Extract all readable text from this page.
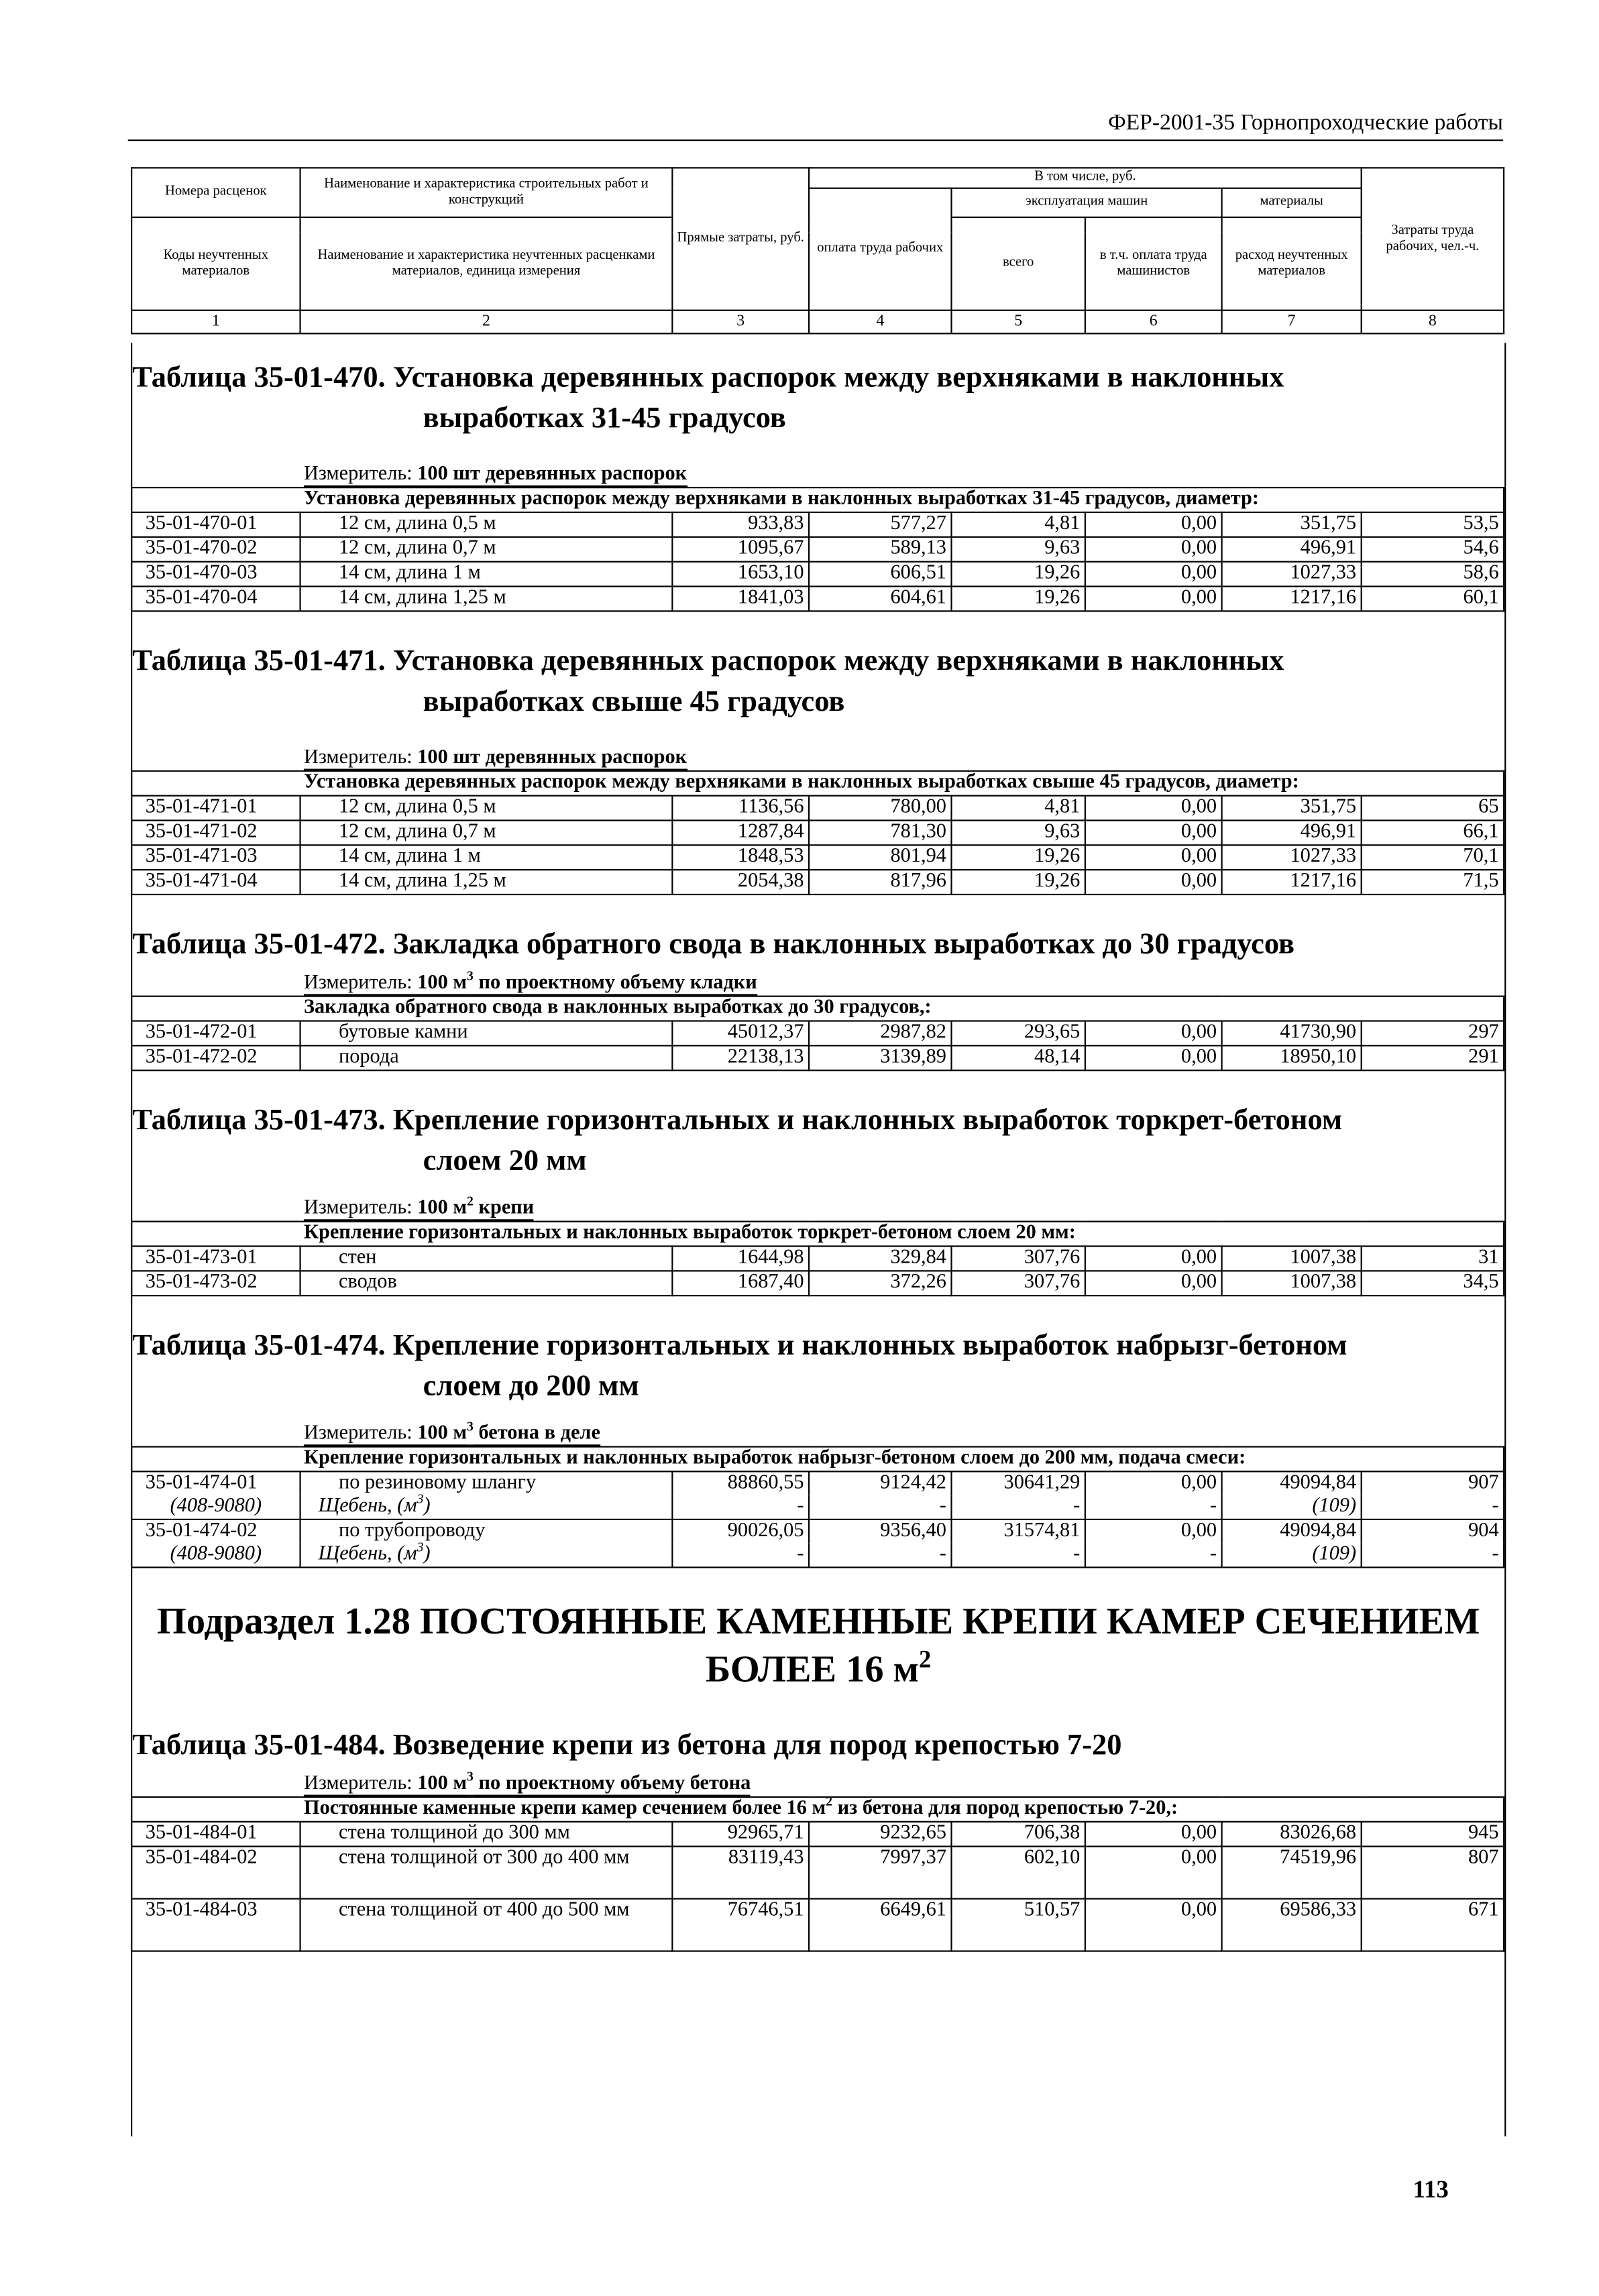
ФЕР-2001-35 Горнопроходческие работы
Номера расценок	Наименование и характеристика строительных работ и конструкций	Прямые затраты, руб.	В том числе, руб.				Затраты труда рабочих, чел.-ч.
			оплата труда рабочих	эксплуатация машин		материалы	
Коды неучтенных материалов	Наименование и характеристика неучтенных расценками материалов, единица измерения			всего	в т.ч. оплата труда машинистов	расход неучтенных материалов	

1	2	3	4	5	6	7	8
Таблица 35-01-470. Установка деревянных распорок между верхняками в наклонных
выработках 31-45 градусов
Измеритель: 100 шт деревянных распорок
Установка деревянных распорок между верхняками в наклонных выработках 31-45 градусов, диаметр:							
35-01-470-01	12 см, длина 0,5 м	933,83	577,27	4,81	0,00	351,75	53,5
35-01-470-02	12 см, длина 0,7 м	1095,67	589,13	9,63	0,00	496,91	54,6
35-01-470-03	14 см, длина 1 м	1653,10	606,51	19,26	0,00	1027,33	58,6
35-01-470-04	14 см, длина 1,25 м	1841,03	604,61	19,26	0,00	1217,16	60,1
Таблица 35-01-471. Установка деревянных распорок между верхняками в наклонных
выработках свыше 45 градусов
Измеритель: 100 шт деревянных распорок
Установка деревянных распорок между верхняками в наклонных выработках свыше 45 градусов, диаметр:							
35-01-471-01	12 см, длина 0,5 м	1136,56	780,00	4,81	0,00	351,75	65
35-01-471-02	12 см, длина 0,7 м	1287,84	781,30	9,63	0,00	496,91	66,1
35-01-471-03	14 см, длина 1 м	1848,53	801,94	19,26	0,00	1027,33	70,1
35-01-471-04	14 см, длина 1,25 м	2054,38	817,96	19,26	0,00	1217,16	71,5
Таблица 35-01-472. Закладка обратного свода в наклонных выработках до 30 градусов
Измеритель: 100 $м^3$ по проектному объему кладки
Закладка обратного свода в наклонных выработках до 30 градусов,:							
35-01-472-01	бутовые камни	45012,37	2987,82	293,65	0,00	41730,90	297
35-01-472-02	порода	22138,13	3139,89	48,14	0,00	18950,10	291
Таблица 35-01-473. Крепление горизонтальных и наклонных выработок торкрет-бетоном
слоем 20 мм
Измеритель: 100 $м^2$ крепи
Крепление горизонтальных и наклонных выработок торкрет-бетоном слоем 20 мм:							
35-01-473-01	стен	1644,98	329,84	307,76	0,00	1007,38	31
35-01-473-02	сводов	1687,40	372,26	307,76	0,00	1007,38	34,5
Таблица 35-01-474. Крепление горизонтальных и наклонных выработок набрызг-бетоном
слоем до 200 мм
Измеритель: 100 $м^3$ бетона в деле
Крепление горизонтальных и наклонных выработок набрызг-бетоном слоем до 200 мм, подача смеси:							
35-01-474-01	по резиновому шлангу	88860,55	9124,42	30641,29	0,00	49094,84	907
(408-9080)	Щебень, $(м^3)$	-	-	-	-	(109)	-
35-01-474-02	по трубопроводу	90026,05	9356,40	31574,81	0,00	49094,84	904
(408-9080)	Щебень, $(м^3)$	-	-	-	-	(109)	-
Подраздел 1.28 ПОСТОЯННЫЕ КАМЕННЫЕ КРЕПИ КАМЕР СЕЧЕНИЕМ
БОЛЕЕ 16 $м^2$
Таблица 35-01-484. Возведение крепи из бетона для пород крепостью 7-20
Измеритель: 100 $м^3$ по проектному объему бетона
Постоянные каменные крепи камер сечением более 16 $м^2$ из бетона для пород крепостью 7-20,:							
35-01-484-01	стена толщиной до 300 мм	92965,71	9232,65	706,38	0,00	83026,68	945
35-01-484-02	стена толщиной от 300 до 400 мм	83119,43	7997,37	602,10	0,00	74519,96	807
35-01-484-03	стена толщиной от 400 до 500 мм	76746,51	6649,61	510,57	0,00	69586,33	671
113
